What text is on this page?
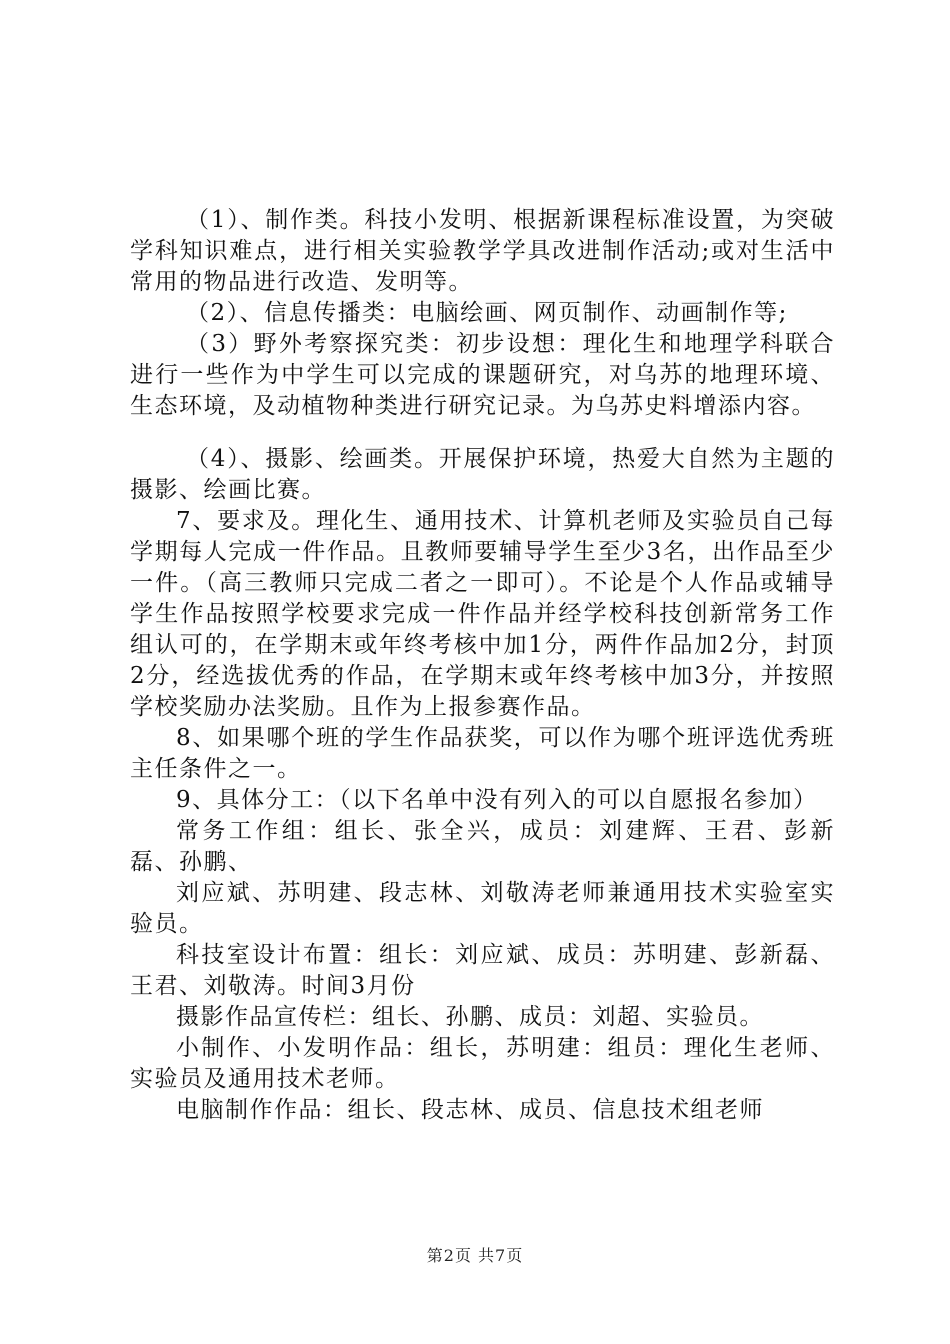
（1）、制作类。科技小发明、根据新课程标准设置，为突破学科知识难点，进行相关实验教学学具改进制作活动;或对生活中常用的物品进行改造、发明等。

（2）、信息传播类：电脑绘画、网页制作、动画制作等;

（3）野外考察探究类：初步设想：理化生和地理学科联合进行一些作为中学生可以完成的课题研究，对乌苏的地理环境、生态环境，及动植物种类进行研究记录。为乌苏史料增添内容。

（4）、摄影、绘画类。开展保护环境，热爱大自然为主题的摄影、绘画比赛。

7、要求及。理化生、通用技术、计算机老师及实验员自己每学期每人完成一件作品。且教师要辅导学生至少3名，出作品至少一件。（高三教师只完成二者之一即可）。不论是个人作品或辅导学生作品按照学校要求完成一件作品并经学校科技创新常务工作组认可的，在学期末或年终考核中加1分，两件作品加2分，封顶2分，经选拔优秀的作品，在学期末或年终考核中加3分，并按照学校奖励办法奖励。且作为上报参赛作品。

8、如果哪个班的学生作品获奖，可以作为哪个班评选优秀班主任条件之一。

9、具体分工：（以下名单中没有列入的可以自愿报名参加）

常务工作组：组长、张全兴，成员：刘建辉、王君、彭新磊、孙鹏、

刘应斌、苏明建、段志林、刘敬涛老师兼通用技术实验室实验员。

科技室设计布置：组长：刘应斌、成员：苏明建、彭新磊、王君、刘敬涛。时间3月份

摄影作品宣传栏：组长、孙鹏、成员：刘超、实验员。

小制作、小发明作品：组长，苏明建：组员：理化生老师、实验员及通用技术老师。

电脑制作作品：组长、段志林、成员、信息技术组老师

第2页 共7页
